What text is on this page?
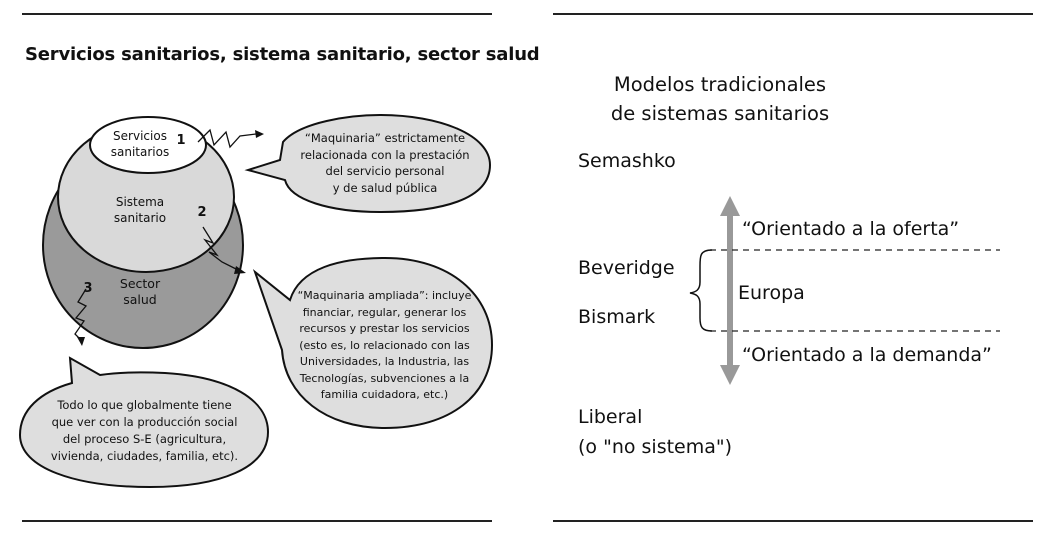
Servicios sanitarios, sistema sanitario, sector salud
Servicios
sanitarios
Sistema
sanitario
Sector
salud
1
2
3
“Maquinaria” estrictamente
relacionada con la prestación
del servicio personal
y de salud pública
“Maquinaria ampliada”: incluye
financiar, regular, generar los
recursos y prestar los servicios
(esto es, lo relacionado con las
Universidades, la Industria, las
Tecnologías, subvenciones a la
familia cuidadora, etc.)
Todo lo que globalmente tiene
que ver con la producción social
del proceso S-E (agricultura,
vivienda, ciudades, familia, etc).
Modelos tradicionales
de sistemas sanitarios
Semashko
“Orientado a la oferta”
Beveridge
Europa
Bismark
“Orientado a la demanda”
Liberal
(o "no sistema")
